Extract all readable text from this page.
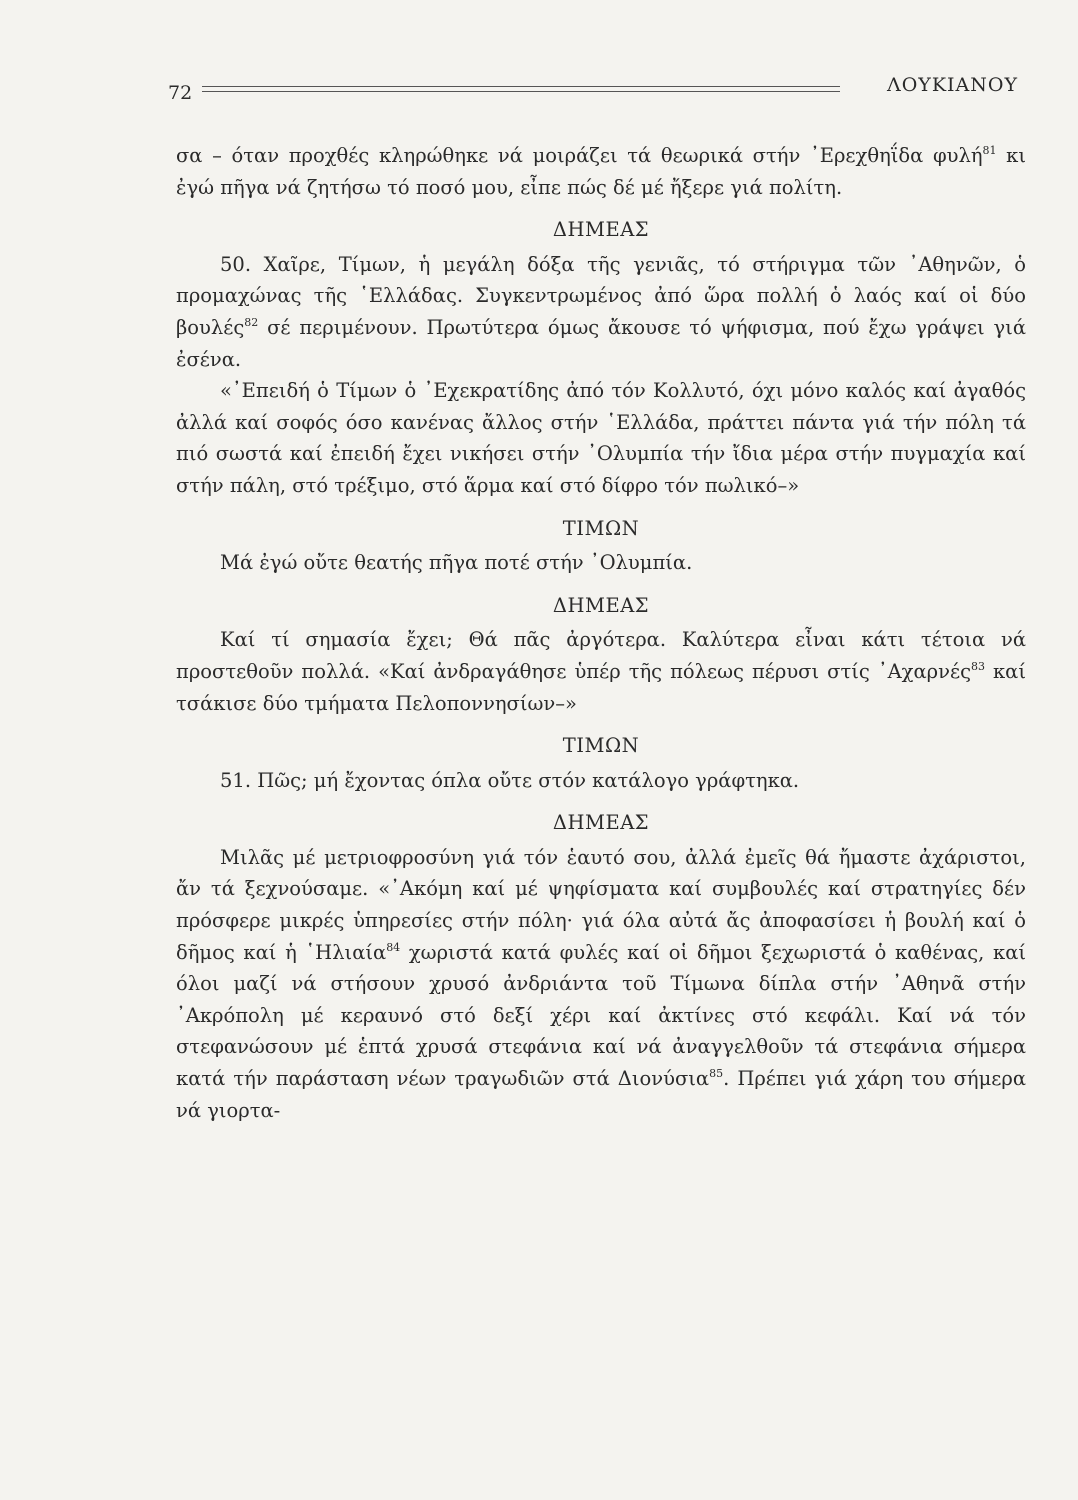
72	ΛΟΥΚΙΑΝΟΥ

σα – όταν προχθές κληρώθηκε νά μοιράζει τά θεωρικά στήν ᾽Ερεχθηΐδα φυλή$^{81}$ κι ἐγώ πῆγα νά ζητήσω τό ποσό μου, εἶπε πώς δέ μέ ἤξερε γιά πολίτη.

ΔΗΜΕΑΣ

50. Χαῖρε, Τίμων, ἡ μεγάλη δόξα τῆς γενιᾶς, τό στήριγμα τῶν ᾽Αθηνῶν, ὁ προμαχώνας τῆς ῾Ελλάδας. Συγκεντρωμένος ἀπό ὥρα πολλή ὁ λαός καί οἱ δύο βουλές$^{82}$ σέ περιμένουν. Πρωτύτερα όμως ἄκουσε τό ψήφισμα, πού ἔχω γράψει γιά ἐσένα.

«᾽Επειδή ὁ Τίμων ὁ ᾽Εχεκρατίδης ἀπό τόν Κολλυτό, όχι μόνο καλός καί ἀγαθός ἀλλά καί σοφός όσο κανένας ἄλλος στήν ῾Ελλάδα, πράττει πάντα γιά τήν πόλη τά πιό σωστά καί ἐπειδή ἔχει νικήσει στήν ᾽Ολυμπία τήν ἴδια μέρα στήν πυγμαχία καί στήν πάλη, στό τρέξιμο, στό ἅρμα καί στό δίφρο τόν πωλικό–»

ΤΙΜΩΝ

Μά ἐγώ οὔτε θεατής πῆγα ποτέ στήν ᾽Ολυμπία.

ΔΗΜΕΑΣ

Καί τί σημασία ἔχει; Θά πᾶς ἀργότερα. Καλύτερα εἶναι κάτι τέτοια νά προστεθοῦν πολλά. «Καί ἀνδραγάθησε ὑπέρ τῆς πόλεως πέρυσι στίς ᾽Αχαρνές$^{83}$ καί τσάκισε δύο τμήματα Πελοποννησίων–»

ΤΙΜΩΝ

51. Πῶς; μή ἔχοντας όπλα οὔτε στόν κατάλογο γράφτηκα.

ΔΗΜΕΑΣ

Μιλᾶς μέ μετριοφροσύνη γιά τόν ἑαυτό σου, ἀλλά ἐμεῖς θά ἤμαστε ἀχάριστοι, ἄν τά ξεχνούσαμε. «᾽Ακόμη καί μέ ψηφίσματα καί συμβουλές καί στρατηγίες δέν πρόσφερε μικρές ὑπηρεσίες στήν πόλη· γιά όλα αὐτά ἄς ἀποφασίσει ἡ βουλή καί ὁ δῆμος καί ἡ ῾Ηλιαία$^{84}$ χωριστά κατά φυλές καί οἱ δῆμοι ξεχωριστά ὁ καθένας, καί όλοι μαζί νά στήσουν χρυσό ἀνδριάντα τοῦ Τίμωνα δίπλα στήν ᾽Αθηνᾶ στήν ᾽Ακρόπολη μέ κεραυνό στό δεξί χέρι καί ἀκτίνες στό κεφάλι. Καί νά τόν στεφανώσουν μέ ἑπτά χρυσά στεφάνια καί νά ἀναγγελθοῦν τά στεφάνια σήμερα κατά τήν παράσταση νέων τραγωδιῶν στά Διονύσια$^{85}$. Πρέπει γιά χάρη του σήμερα νά γιορτα-
